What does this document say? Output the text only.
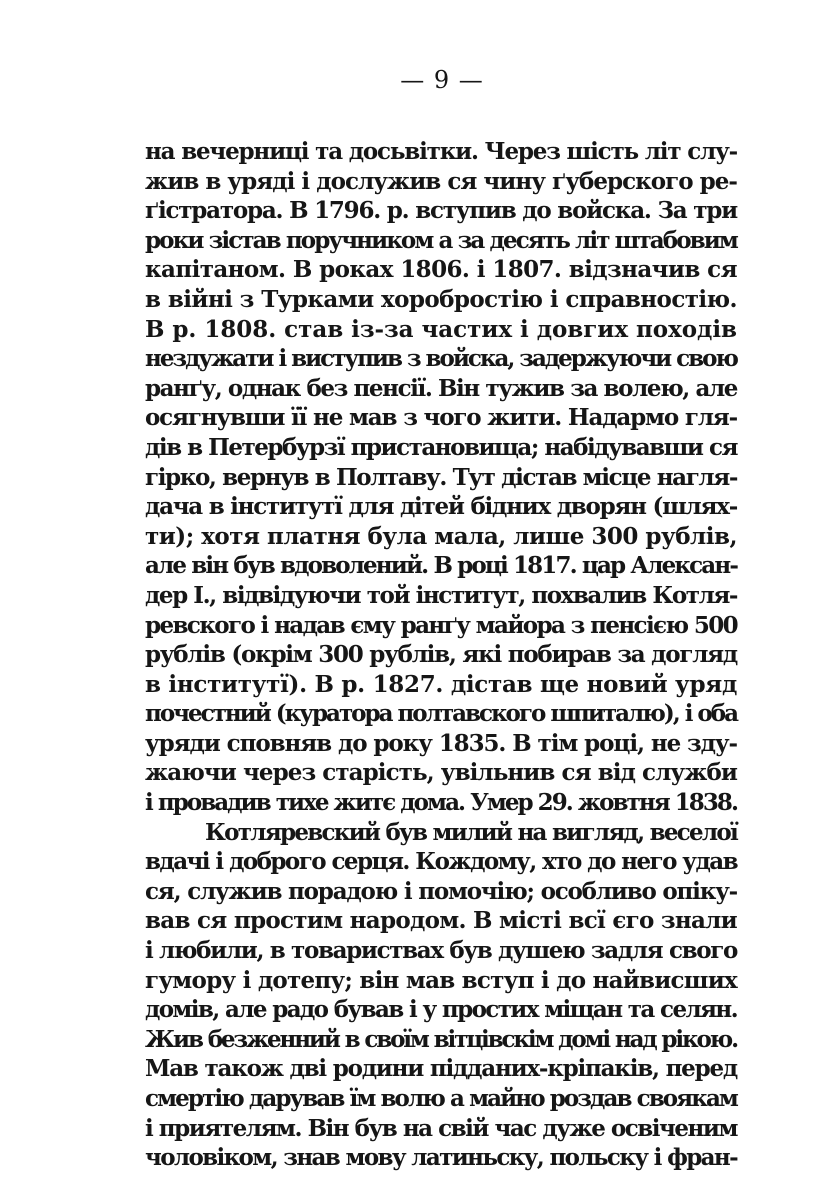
— 9 —
на вечерниці та досьвітки. Через шість літ слу-
жив в уряді і дослужив ся чину ґуберского ре-
ґістратора. В 1796. р. вступив до войска. За три
роки зістав поручником а за десять літ штабовим
капітаном. В роках 1806. і 1807. відзначив ся
в війні з Турками хоробростію і справностію.
В р. 1808. став із-за частих і довгих походів
нездужати і виступив з войска, задержуючи свою
ранґу, однак без пенсії. Він тужив за волею, але
осягнувши її не мав з чого жити. Надармо гля-
дів в Петербурзї пристановища; набідувавши ся
гірко, вернув в Полтаву. Тут дістав місце нагля-
дача в інститутї для дітей бідних дворян (шлях-
ти); хотя платня була мала, лише 300 рублів,
але він був вдоволений. В році 1817. цар Алексан-
дер I., відвідуючи той інститут, похвалив Котля-
ревского і надав єму ранґу майора з пенсією 500
рублів (окрім 300 рублів, які побирав за догляд
в інститутї). В р. 1827. дістав ще новий уряд
почестний (куратора полтавского шпиталю), і оба
уряди сповняв до року 1835. В тім році, не зду-
жаючи через старість, увільнив ся від служби
і провадив тихе житє дома. Умер 29. жовтня 1838.
Котляревский був милий на вигляд, веселої
вдачі і доброго серця. Кождому, хто до него удав
ся, служив порадою і помочію; особливо опіку-
вав ся простим народом. В місті всї єго знали
і любили, в товариствах був душею задля свого
гумору і дотепу; він мав вступ і до найвисших
домів, але радо бував і у простих міщан та селян.
Жив безженний в своїм вітцівскім домі над рікою.
Мав також дві родини підданих-кріпаків, перед
смертію дарував їм волю а майно роздав своякам
і приятелям. Він був на свій час дуже освіченим
чоловіком, знав мову латиньску, польску і фран-
